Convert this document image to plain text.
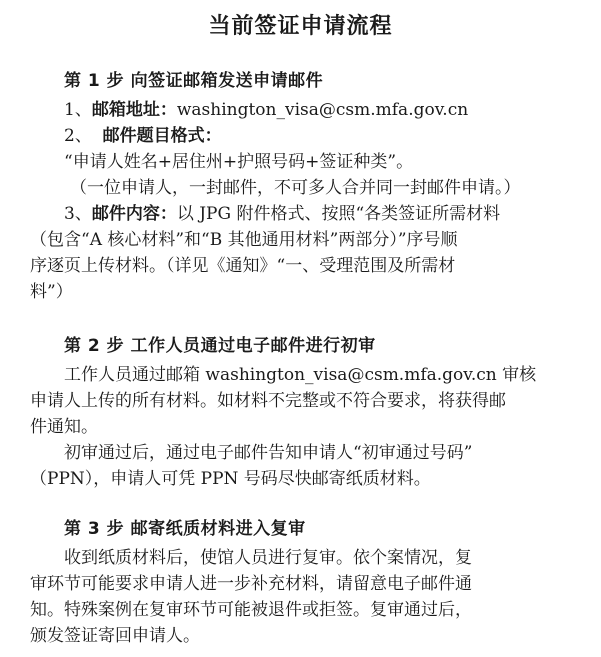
当前签证申请流程
第 1 步 向签证邮箱发送申请邮件
1、邮箱地址：washington_visa@csm.mfa.gov.cn
2、 邮件题目格式：
“申请人姓名+居住州+护照号码+签证种类”。
（一位申请人，一封邮件，不可多人合并同一封邮件申请。）
3、邮件内容：以 JPG 附件格式、按照“各类签证所需材料
（包含“A 核心材料”和“B 其他通用材料”两部分）”序号顺
序逐页上传材料。（详见《通知》“一、受理范围及所需材
料”）
第 2 步 工作人员通过电子邮件进行初审
工作人员通过邮箱 washington_visa@csm.mfa.gov.cn 审核
申请人上传的所有材料。如材料不完整或不符合要求，将获得邮
件通知。
初审通过后，通过电子邮件告知申请人“初审通过号码”
（PPN），申请人可凭 PPN 号码尽快邮寄纸质材料。
第 3 步 邮寄纸质材料进入复审
收到纸质材料后，使馆人员进行复审。依个案情况，复
审环节可能要求申请人进一步补充材料，请留意电子邮件通
知。特殊案例在复审环节可能被退件或拒签。复审通过后，
颁发签证寄回申请人。
